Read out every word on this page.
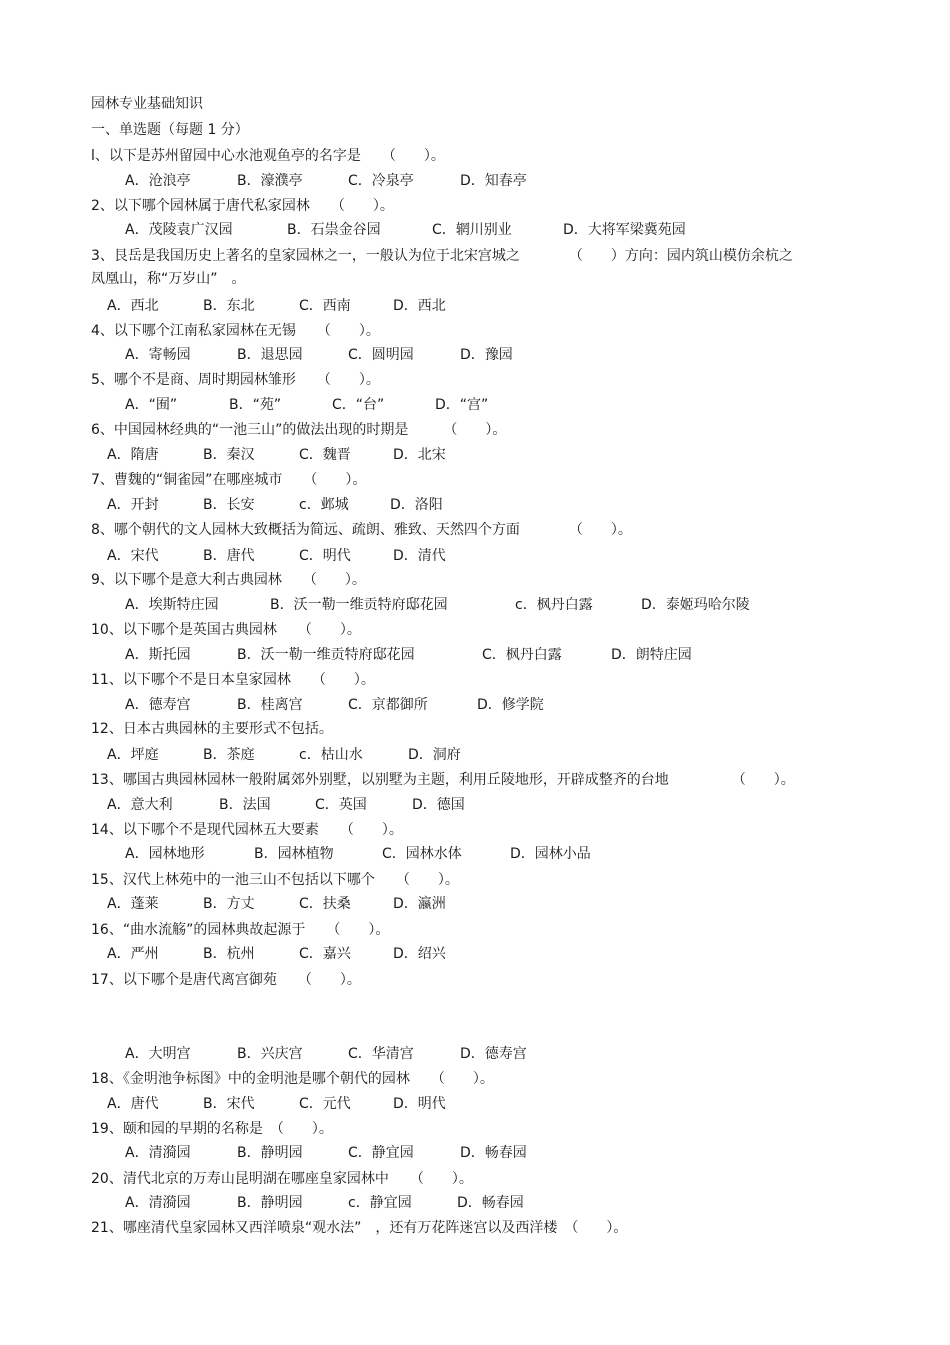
园林专业基础知识
一、单选题（每题 1 分）
l、以下是苏州留园中心水池观鱼亭的名字是　　（　　）。
A．沧浪亭	B．濠濮亭	C．冷泉亭	D．知春亭
2、以下哪个园林属于唐代私家园林　　（　　）。
A．茂陵袁广汉园	B．石祟金谷园	C．辋川别业	D．大将军梁冀苑园
3、艮岳是我国历史上著名的皇家园林之一，一般认为位于北宋宫城之　　　　（　　）方向：园内筑山模仿余杭之
凤凰山，称“万岁山”　。
A．西北	B．东北	C．西南	D．西北
4、以下哪个江南私家园林在无锡　　（　　）。
A．寄畅园	B．退思园	C．圆明园	D．豫园
5、哪个不是商、周时期园林雏形　　（　　）。
A．“囿”	B．“苑”	C．“台”	D．“宫”
6、中国园林经典的“一池三山”的做法出现的时期是　　　（　　）。
A．隋唐	B．秦汉	C．魏晋	D．北宋
7、曹魏的“铜雀园”在哪座城市　　（　　）。
A．开封	B．长安	c．邺城	D．洛阳
8、哪个朝代的文人园林大致概括为简远、疏朗、雅致、天然四个方面　　　　（　　）。
A．宋代	B．唐代	C．明代	D．清代
9、以下哪个是意大利古典园林　　（　　）。
A．埃斯特庄园	B．沃一勒一维贡特府邸花园	c．枫丹白露	D．泰姬玛哈尔陵
10、以下哪个是英国古典园林　　（　　）。
A．斯托园	B．沃一勒一维贡特府邸花园	C．枫丹白露	D．朗特庄园
11、以下哪个不是日本皇家园林　　（　　）。
A．德寿宫	B．桂离宫	C．京都御所	D．修学院
12、日本古典园林的主要形式不包括。
A．坪庭	B．茶庭	c．枯山水	D．洞府
13、哪国古典园林园林一般附属郊外别墅，以别墅为主题，利用丘陵地形，开辟成整齐的台地　　　　　（　　）。
A．意大利	B．法国	C．英国	D．德国
14、以下哪个不是现代园林五大要素　　（　　）。
A．园林地形	B．园林植物	C．园林水体	D．园林小品
15、汉代上林苑中的一池三山不包括以下哪个　　（　　）。
A．蓬莱	B．方丈	C．扶桑	D．瀛洲
16、“曲水流觞”的园林典故起源于　　（　　）。
A．严州	B．杭州	C．嘉兴	D．绍兴
17、以下哪个是唐代离宫御苑　　（　　）。
A．大明宫	B．兴庆宫	C．华清宫	D．德寿宫
18、《金明池争标图》中的金明池是哪个朝代的园林　　（　　）。
A．唐代	B．宋代	C．元代	D．明代
19、颐和园的早期的名称是　（　　）。
A．清漪园	B．静明园	C．静宜园	D．畅春园
20、清代北京的万寿山昆明湖在哪座皇家园林中　　（　　）。
A．清漪园	B．静明园	c．静宜园	D．畅春园
21、哪座清代皇家园林又西洋喷泉“观水法”　，还有万花阵迷宫以及西洋楼　（　　）。
